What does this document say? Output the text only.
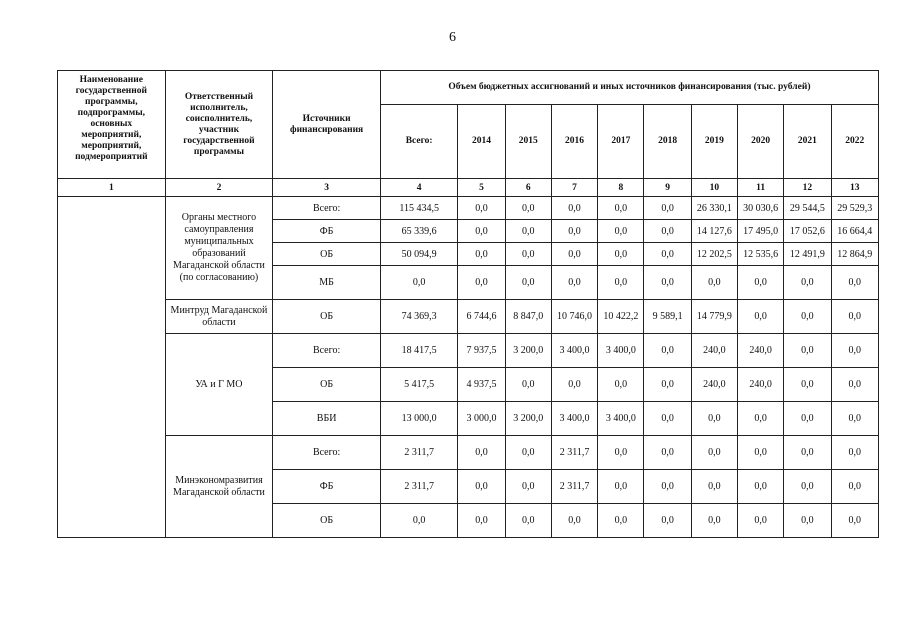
6
Наименование государственной программы, подпрограммы, основных мероприятий, мероприятий, подмероприятий	Ответственный исполнитель, соисполнитель, участник государственной программы	Источники финансирования	Объем бюджетных ассигнований и иных источников финансирования (тыс. рублей)									
			Всего:	2014	2015	2016	2017	2018	2019	2020	2021	2022
1	2	3	4	5	6	7	8	9	10	11	12	13
	Органы местного самоуправления муниципальных образований Магаданской области (по согласованию)	Всего:	115 434,5	0,0	0,0	0,0	0,0	0,0	26 330,1	30 030,6	29 544,5	29 529,3
		ФБ	65 339,6	0,0	0,0	0,0	0,0	0,0	14 127,6	17 495,0	17 052,6	16 664,4
		ОБ	50 094,9	0,0	0,0	0,0	0,0	0,0	12 202,5	12 535,6	12 491,9	12 864,9
		МБ	0,0	0,0	0,0	0,0	0,0	0,0	0,0	0,0	0,0	0,0
	Минтруд Магаданской области	ОБ	74 369,3	6 744,6	8 847,0	10 746,0	10 422,2	9 589,1	14 779,9	0,0	0,0	0,0
	УА и Г МО	Всего:	18 417,5	7 937,5	3 200,0	3 400,0	3 400,0	0,0	240,0	240,0	0,0	0,0
		ОБ	5 417,5	4 937,5	0,0	0,0	0,0	0,0	240,0	240,0	0,0	0,0
		ВБИ	13 000,0	3 000,0	3 200,0	3 400,0	3 400,0	0,0	0,0	0,0	0,0	0,0
	Минэкономразвития Магаданской области	Всего:	2 311,7	0,0	0,0	2 311,7	0,0	0,0	0,0	0,0	0,0	0,0
		ФБ	2 311,7	0,0	0,0	2 311,7	0,0	0,0	0,0	0,0	0,0	0,0
		ОБ	0,0	0,0	0,0	0,0	0,0	0,0	0,0	0,0	0,0	0,0
